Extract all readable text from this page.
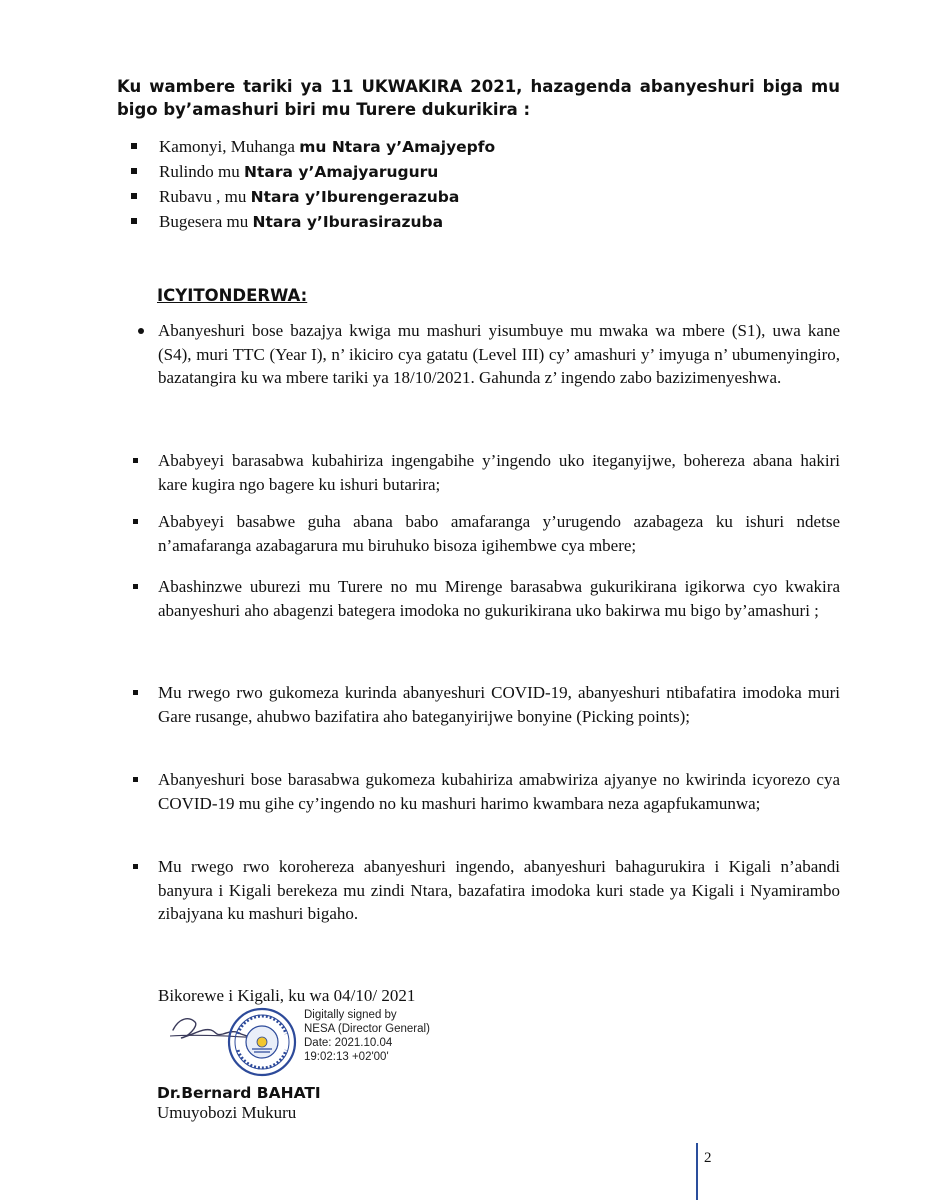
Ku wambere tariki ya 11 UKWAKIRA 2021, hazagenda abanyeshuri biga mu bigo by’amashuri biri mu Turere dukurikira :
Kamonyi, Muhanga mu Ntara y’Amajyepfo
Rulindo mu Ntara y’Amajyaruguru
Rubavu , mu Ntara y’Iburengerazuba
Bugesera mu Ntara y’Iburasirazuba
ICYITONDERWA:
Abanyeshuri bose bazajya kwiga mu mashuri yisumbuye mu mwaka wa mbere (S1), uwa kane (S4), muri TTC (Year I), n’ ikiciro cya gatatu (Level III) cy’ amashuri y’ imyuga n’ ubumenyingiro, bazatangira ku wa mbere tariki ya 18/10/2021. Gahunda z’ ingendo zabo bazizimenyeshwa.
Ababyeyi barasabwa kubahiriza ingengabihe y’ingendo uko iteganyijwe, bohereza abana hakiri kare kugira ngo bagere ku ishuri butarira;
Ababyeyi basabwe guha abana babo amafaranga y’urugendo azabageza ku ishuri ndetse n’amafaranga azabagarura mu biruhuko bisoza igihembwe cya mbere;
Abashinzwe uburezi mu Turere no mu Mirenge barasabwa gukurikirana igikorwa cyo kwakira abanyeshuri aho abagenzi bategera imodoka no gukurikirana uko bakirwa mu bigo by’amashuri ;
Mu rwego rwo gukomeza kurinda abanyeshuri COVID-19, abanyeshuri ntibafatira imodoka muri Gare rusange, ahubwo bazifatira aho bateganyirijwe bonyine (Picking points);
Abanyeshuri bose barasabwa gukomeza kubahiriza amabwiriza ajyanye no kwirinda icyorezo cya COVID-19 mu gihe cy’ingendo no ku mashuri harimo kwambara neza agapfukamunwa;
Mu rwego rwo korohereza abanyeshuri ingendo, abanyeshuri bahagurukira i Kigali n’abandi banyura i Kigali berekeza mu zindi Ntara, bazafatira imodoka kuri stade ya Kigali i Nyamirambo zibajyana ku mashuri bigaho.
Bikorewe i Kigali, ku wa 04/10/ 2021
Digitally signed by
NESA (Director General)
Date: 2021.10.04
19:02:13 +02'00'
Dr.Bernard BAHATI
Umuyobozi Mukuru
2
